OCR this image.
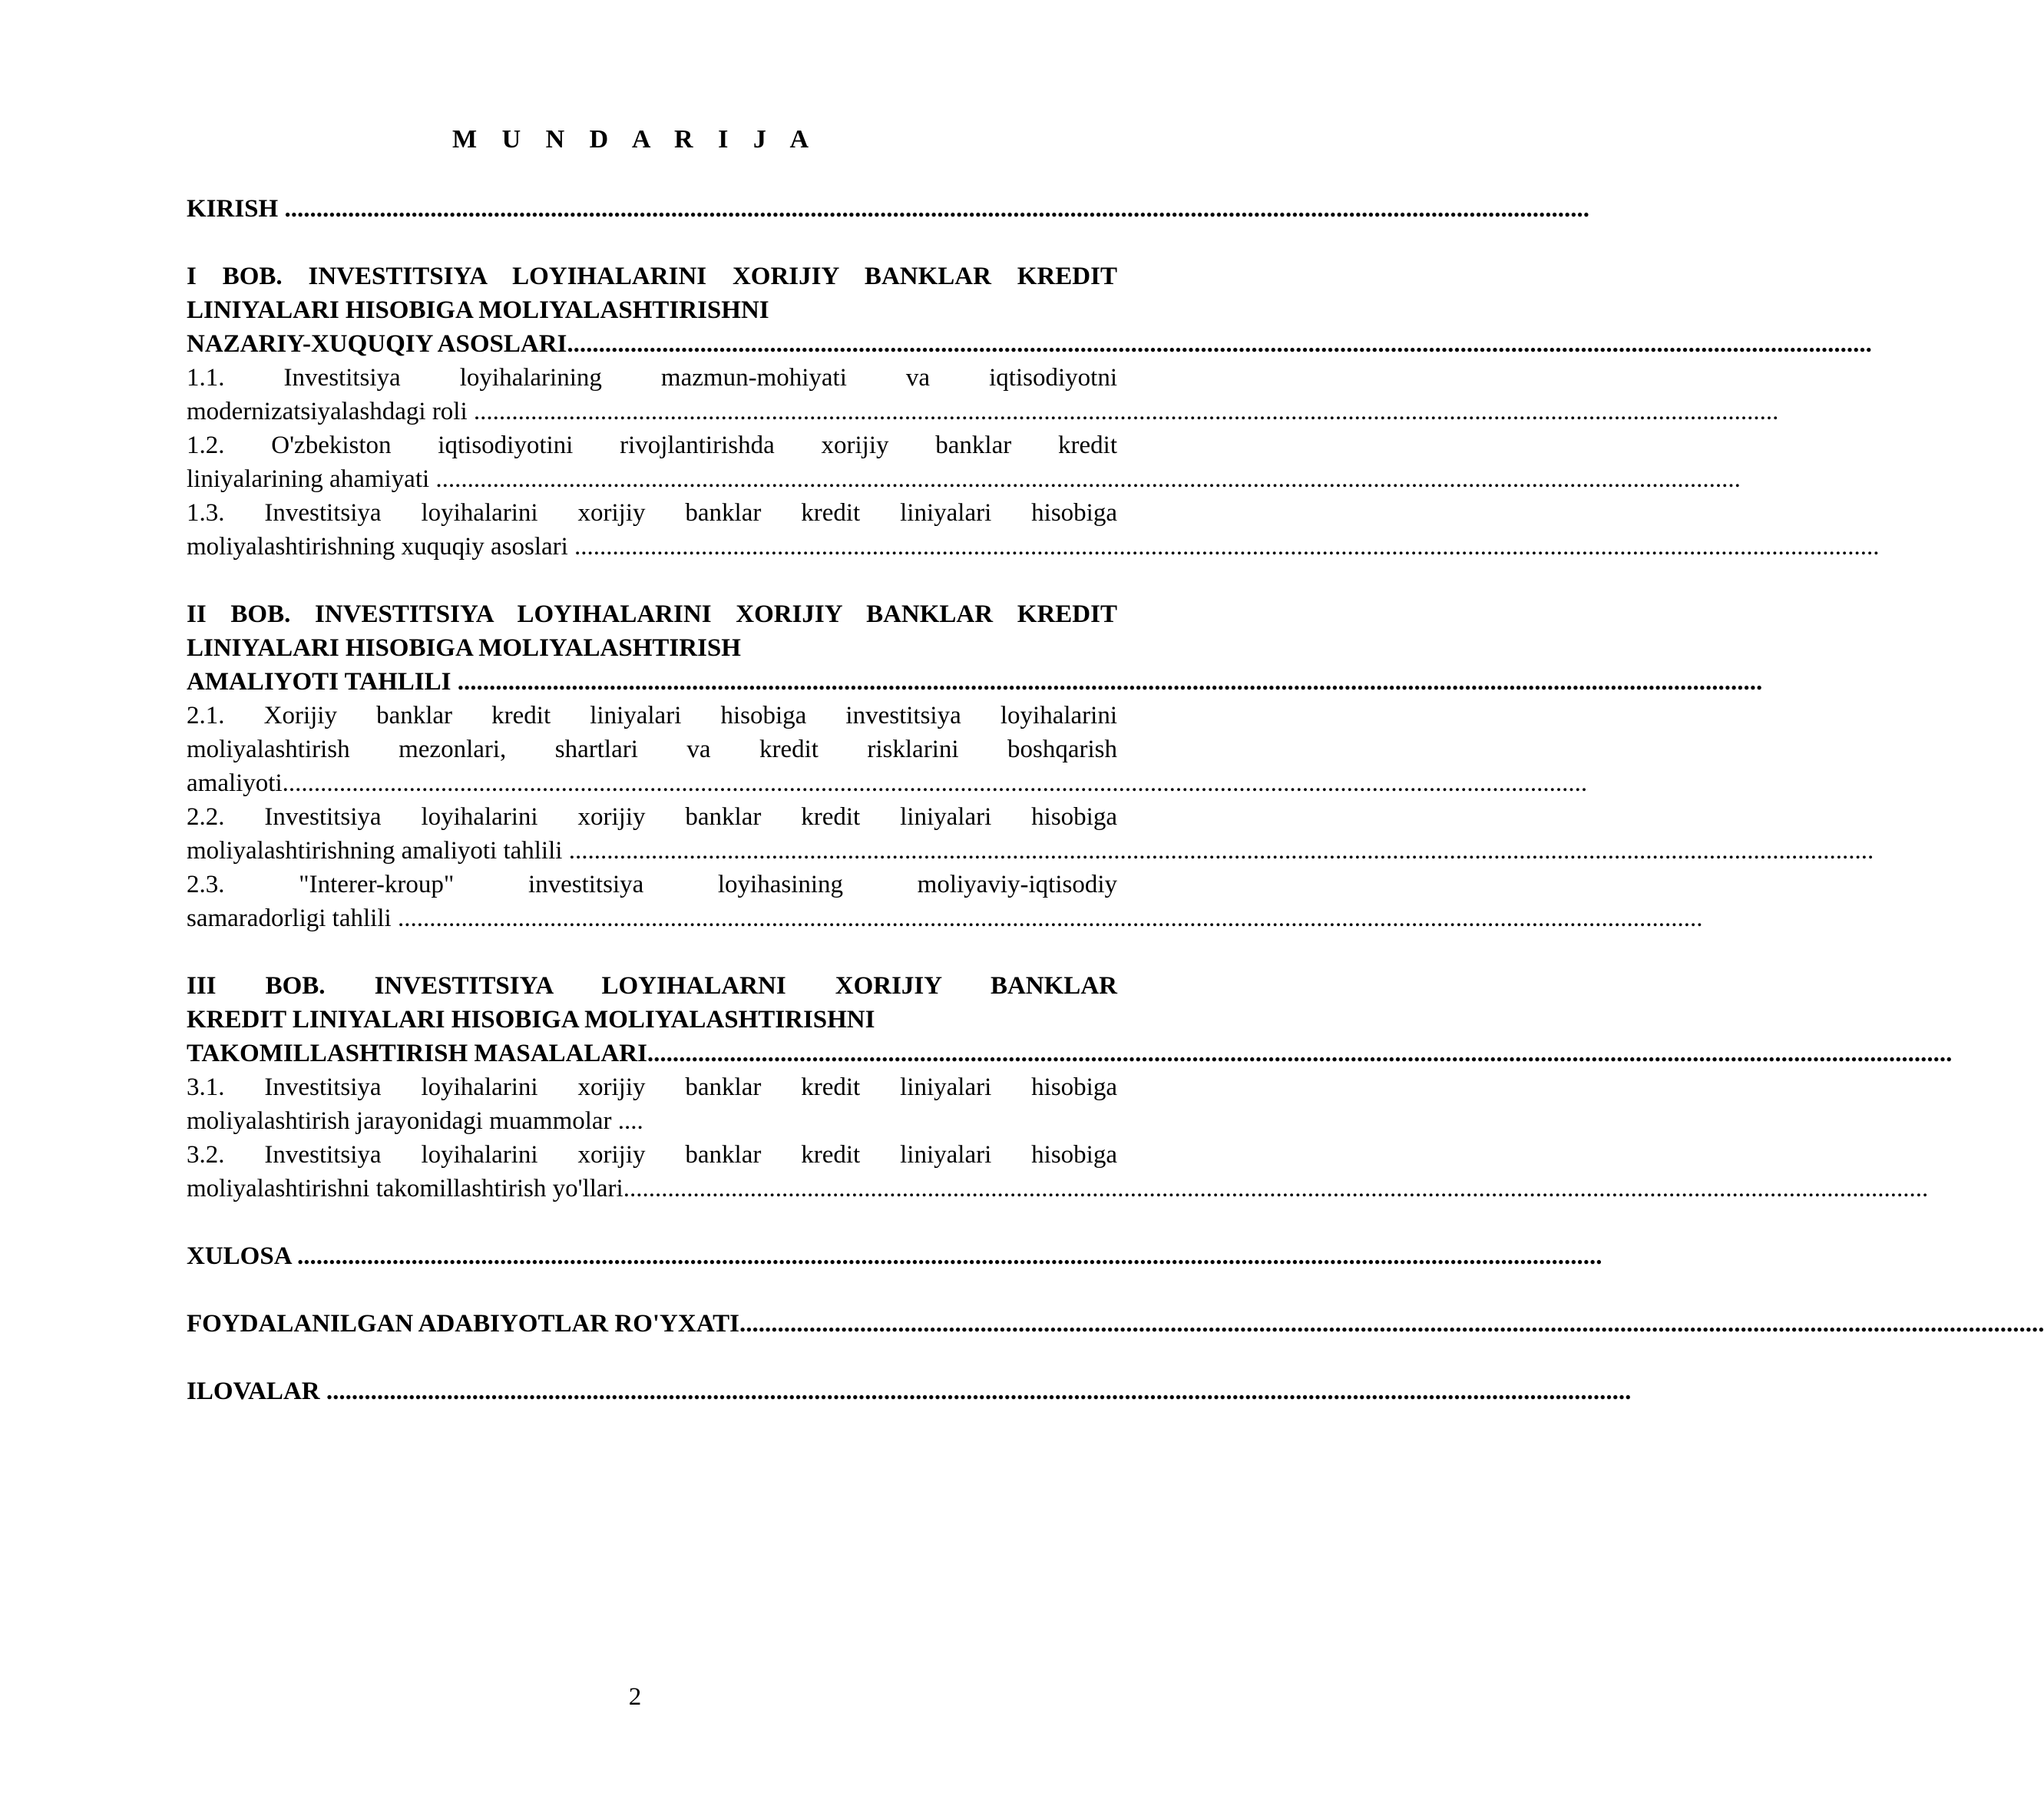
M U N D A R I J A
KIRISH ..............................................................................................................................................................................................................
I BOB. INVESTITSIYA LOYIHALARINI XORIJIY BANKLAR KREDIT
LINIYALARI HISOBIGA MOLIYALASHTIRISHNI
NAZARIY-XUQUQIY ASOSLARI..............................................................................................................................................................................................................
1.1. Investitsiya loyihalarining mazmun-mohiyati va iqtisodiyotni
modernizatsiyalashdagi roli ..............................................................................................................................................................................................................
1.2. O'zbekiston iqtisodiyotini rivojlantirishda xorijiy banklar kredit
liniyalarining ahamiyati ..............................................................................................................................................................................................................
1.3. Investitsiya loyihalarini xorijiy banklar kredit liniyalari hisobiga
moliyalashtirishning xuquqiy asoslari ..............................................................................................................................................................................................................
II BOB. INVESTITSIYA LOYIHALARINI XORIJIY BANKLAR KREDIT
LINIYALARI HISOBIGA MOLIYALASHTIRISH
AMALIYOTI TAHLILI ..............................................................................................................................................................................................................
2.1. Xorijiy banklar kredit liniyalari hisobiga investitsiya loyihalarini
moliyalashtirish mezonlari, shartlari va kredit risklarini boshqarish
amaliyoti..............................................................................................................................................................................................................
2.2. Investitsiya loyihalarini xorijiy banklar kredit liniyalari hisobiga
moliyalashtirishning amaliyoti tahlili ..............................................................................................................................................................................................................
2.3. "Interer-kroup" investitsiya loyihasining moliyaviy-iqtisodiy
samaradorligi tahlili ..............................................................................................................................................................................................................
III BOB. INVESTITSIYA LOYIHALARNI XORIJIY BANKLAR
KREDIT LINIYALARI HISOBIGA MOLIYALASHTIRISHNI
TAKOMILLASHTIRISH MASALALARI..............................................................................................................................................................................................................
3.1. Investitsiya loyihalarini xorijiy banklar kredit liniyalari hisobiga
moliyalashtirish jarayonidagi muammolar ....
3.2. Investitsiya loyihalarini xorijiy banklar kredit liniyalari hisobiga
moliyalashtirishni takomillashtirish yo'llari..............................................................................................................................................................................................................
XULOSA ..............................................................................................................................................................................................................
FOYDALANILGAN ADABIYOTLAR RO'YXATI..............................................................................................................................................................................................................
ILOVALAR ..............................................................................................................................................................................................................
2
